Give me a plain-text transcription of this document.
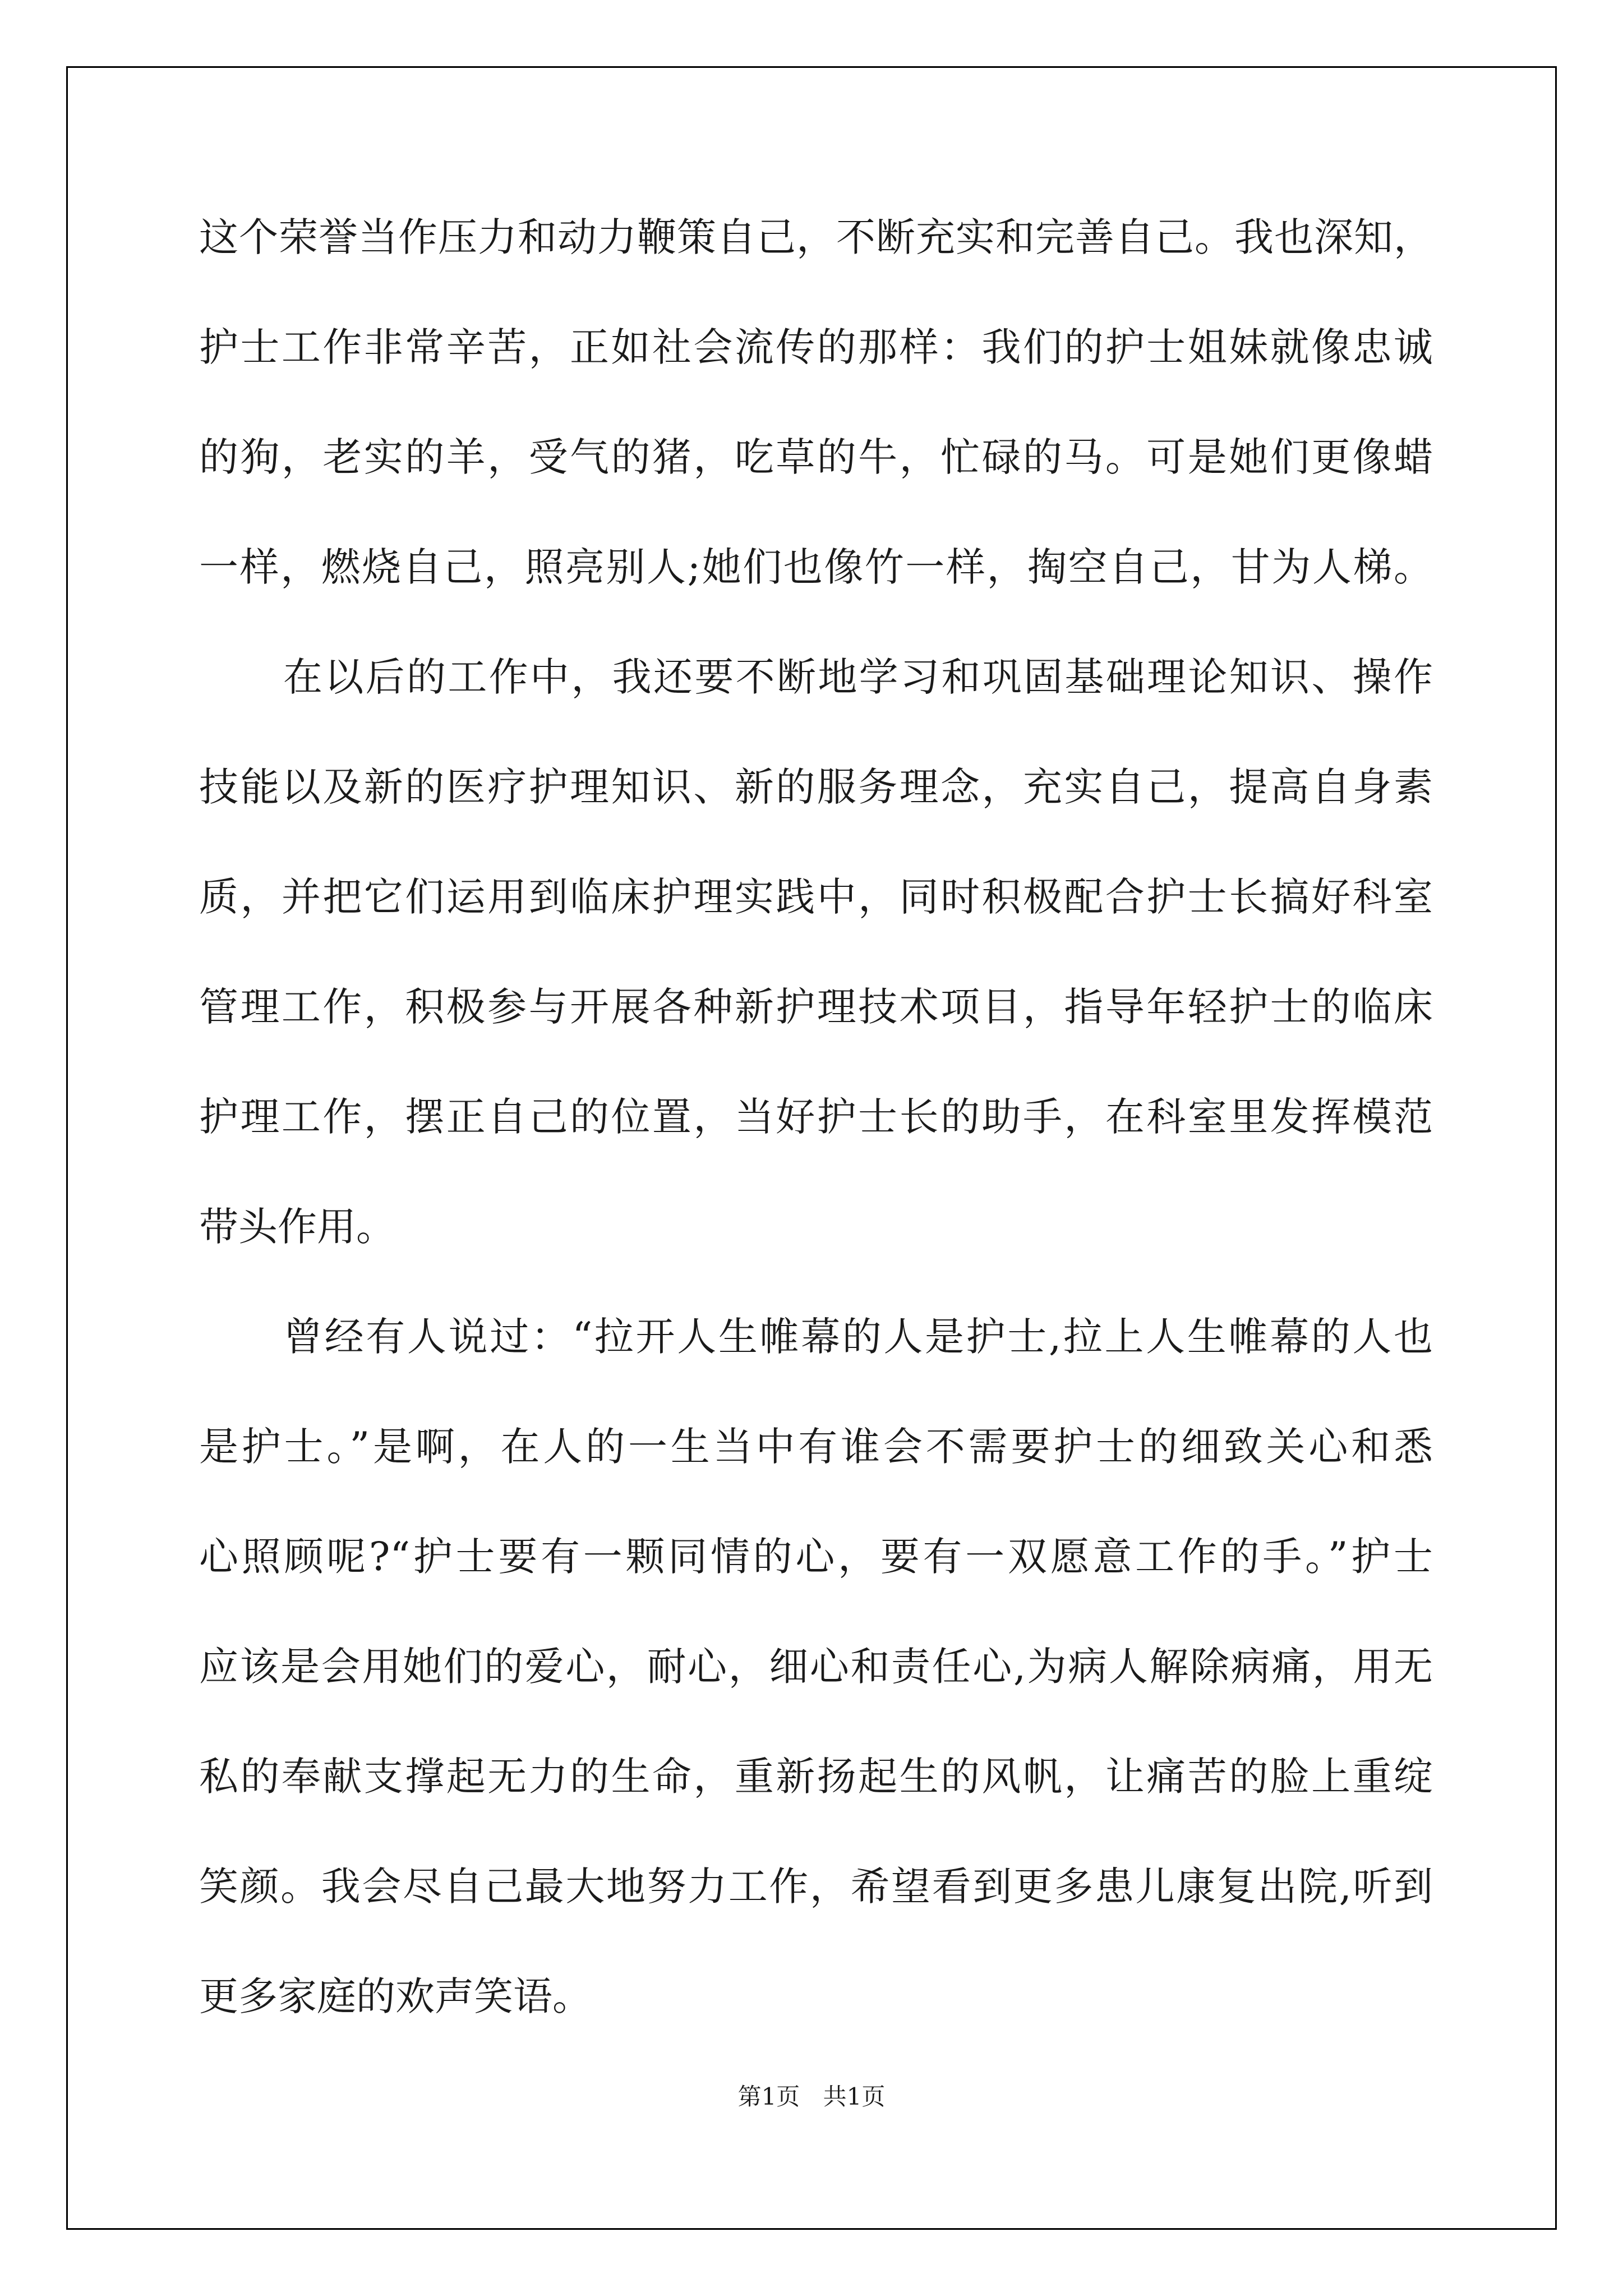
这个荣誉当作压力和动力鞭策自己，不断充实和完善自己。我也深知，
护士工作非常辛苦，正如社会流传的那样：我们的护士姐妹就像忠诚
的狗，老实的羊，受气的猪，吃草的牛，忙碌的马。可是她们更像蜡
一样，燃烧自己，照亮别人;她们也像竹一样，掏空自己，甘为人梯。
在以后的工作中，我还要不断地学习和巩固基础理论知识、操作
技能以及新的医疗护理知识、新的服务理念，充实自己，提高自身素
质，并把它们运用到临床护理实践中，同时积极配合护士长搞好科室
管理工作，积极参与开展各种新护理技术项目，指导年轻护士的临床
护理工作，摆正自己的位置，当好护士长的助手，在科室里发挥模范
带头作用。
曾经有人说过：“拉开人生帷幕的人是护士,拉上人生帷幕的人也
是护士。”是啊，在人的一生当中有谁会不需要护士的细致关心和悉
心照顾呢?“护士要有一颗同情的心，要有一双愿意工作的手。”护士
应该是会用她们的爱心，耐心，细心和责任心,为病人解除病痛，用无
私的奉献支撑起无力的生命，重新扬起生的风帆，让痛苦的脸上重绽
笑颜。我会尽自己最大地努力工作，希望看到更多患儿康复出院,听到
更多家庭的欢声笑语。
第1页 共1页
